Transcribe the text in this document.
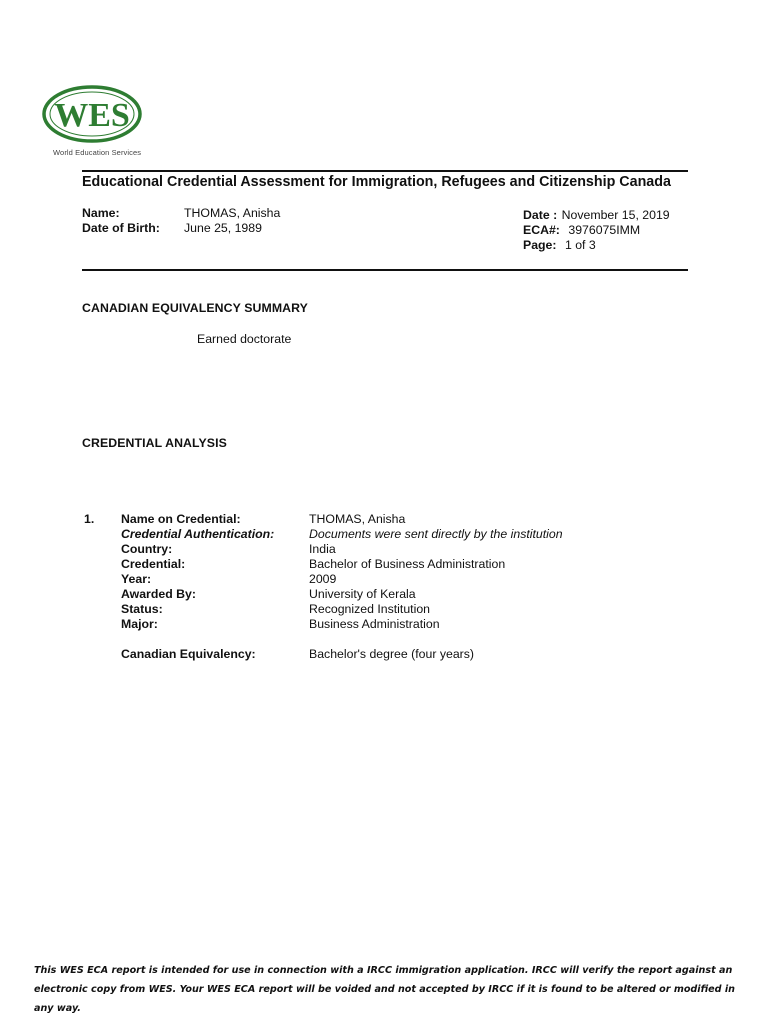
WES
World Education Services
Educational Credential Assessment for Immigration, Refugees and Citizenship Canada
Name:	THOMAS, Anisha
Date of Birth: June 25, 1989
Date : November 15, 2019
ECA#: 3976075IMM
Page: 1 of 3
CANADIAN EQUIVALENCY SUMMARY
Earned doctorate
CREDENTIAL ANALYSIS
1. Name on Credential:	THOMAS, Anisha
Credential Authentication:	Documents were sent directly by the institution
Country:	India
Credential:	Bachelor of Business Administration
Year:	2009
Awarded By:	University of Kerala
Status:	Recognized Institution
Major:	Business Administration
Canadian Equivalency:	Bachelor's degree (four years)
This WES ECA report is intended for use in connection with a IRCC immigration application. IRCC will verify the report against an electronic copy from WES. Your WES ECA report will be voided and not accepted by IRCC if it is found to be altered or modified in any way.
